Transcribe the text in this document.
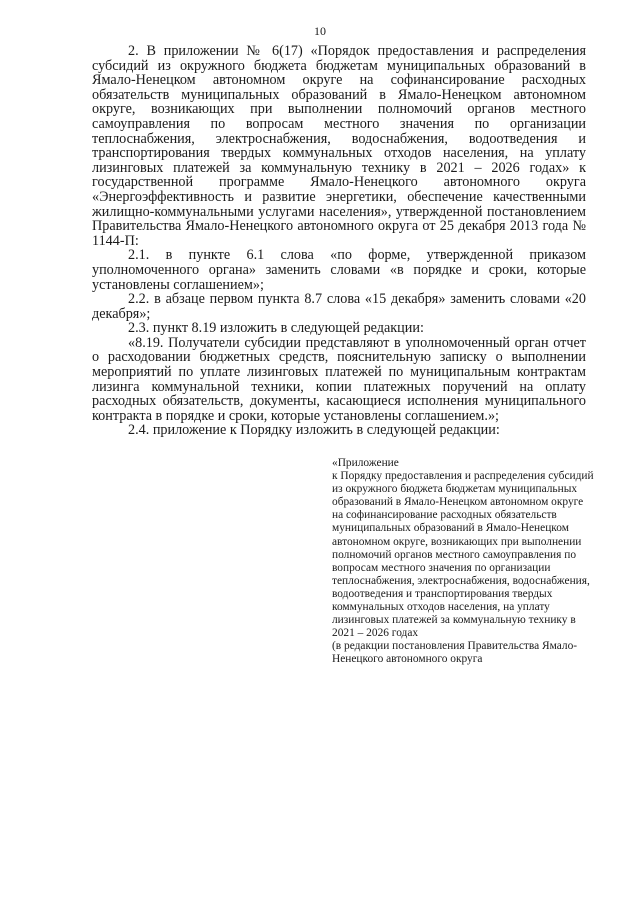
10

2. В приложении № 6(17) «Порядок предоставления и распределения субсидий из окружного бюджета бюджетам муниципальных образований в Ямало-Ненецком автономном округе на софинансирование расходных обязательств муниципальных образований в Ямало-Ненецком автономном округе, возникающих при выполнении полномочий органов местного самоуправления по вопросам местного значения по организации теплоснабжения, электроснабжения, водоснабжения, водоотведения и транспортирования твердых коммунальных отходов населения, на уплату лизинговых платежей за коммунальную технику в 2021 – 2026 годах» к государственной программе Ямало-Ненецкого автономного округа «Энергоэффективность и развитие энергетики, обеспечение качественными жилищно-коммунальными услугами населения», утвержденной постановлением Правительства Ямало-Ненецкого автономного округа от 25 декабря 2013 года № 1144-П:

2.1. в пункте 6.1 слова «по форме, утвержденной приказом уполномоченного органа» заменить словами «в порядке и сроки, которые установлены соглашением»;

2.2. в абзаце первом пункта 8.7 слова «15 декабря» заменить словами «20 декабря»;

2.3. пункт 8.19 изложить в следующей редакции:

«8.19. Получатели субсидии представляют в уполномоченный орган отчет о расходовании бюджетных средств, пояснительную записку о выполнении мероприятий по уплате лизинговых платежей по муниципальным контрактам лизинга коммунальной техники, копии платежных поручений на оплату расходных обязательств, документы, касающиеся исполнения муниципального контракта в порядке и сроки, которые установлены соглашением.»;

2.4. приложение к Порядку изложить в следующей редакции:

«Приложение

к Порядку предоставления и распределения субсидий из окружного бюджета бюджетам муниципальных образований в Ямало-Ненецком автономном округе на софинансирование расходных обязательств муниципальных образований в Ямало-Ненецком автономном округе, возникающих при выполнении полномочий органов местного самоуправления по вопросам местного значения по организации теплоснабжения, электроснабжения, водоснабжения, водоотведения и транспортирования твердых коммунальных отходов населения, на уплату лизинговых платежей за коммунальную технику в 2021 – 2026 годах

(в редакции постановления Правительства Ямало-Ненецкого автономного округа
